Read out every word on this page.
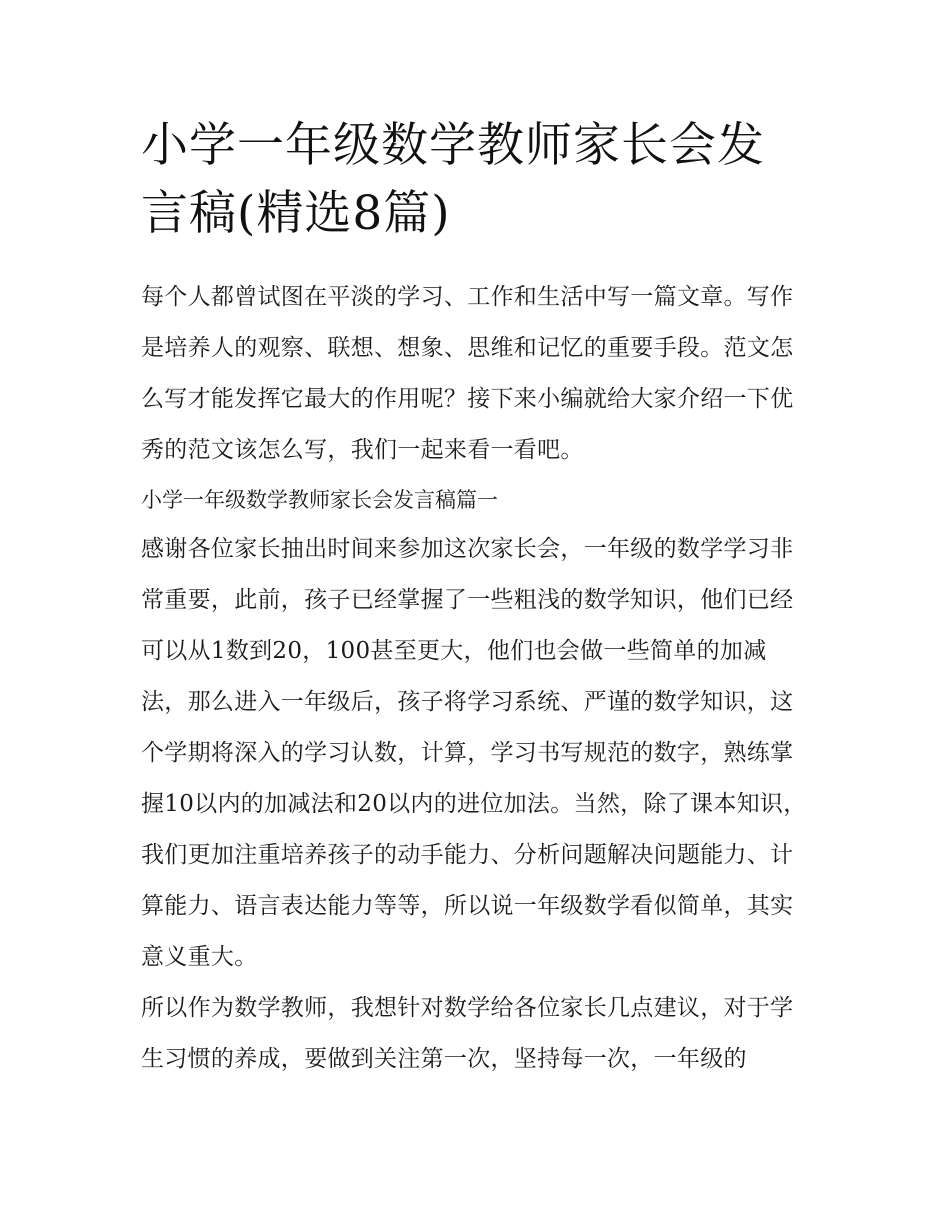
小学一年级数学教师家长会发言稿(精选8篇)

每个人都曾试图在平淡的学习、工作和生活中写一篇文章。写作是培养人的观察、联想、想象、思维和记忆的重要手段。范文怎么写才能发挥它最大的作用呢？接下来小编就给大家介绍一下优秀的范文该怎么写，我们一起来看一看吧。

小学一年级数学教师家长会发言稿篇一

感谢各位家长抽出时间来参加这次家长会，一年级的数学学习非常重要，此前，孩子已经掌握了一些粗浅的数学知识，他们已经可以从1数到20，100甚至更大，他们也会做一些简单的加减法，那么进入一年级后，孩子将学习系统、严谨的数学知识，这个学期将深入的学习认数，计算，学习书写规范的数字，熟练掌握10以内的加减法和20以内的进位加法。当然，除了课本知识，我们更加注重培养孩子的动手能力、分析问题解决问题能力、计算能力、语言表达能力等等，所以说一年级数学看似简单，其实意义重大。

所以作为数学教师，我想针对数学给各位家长几点建议，对于学生习惯的养成，要做到关注第一次，坚持每一次，一年级的
